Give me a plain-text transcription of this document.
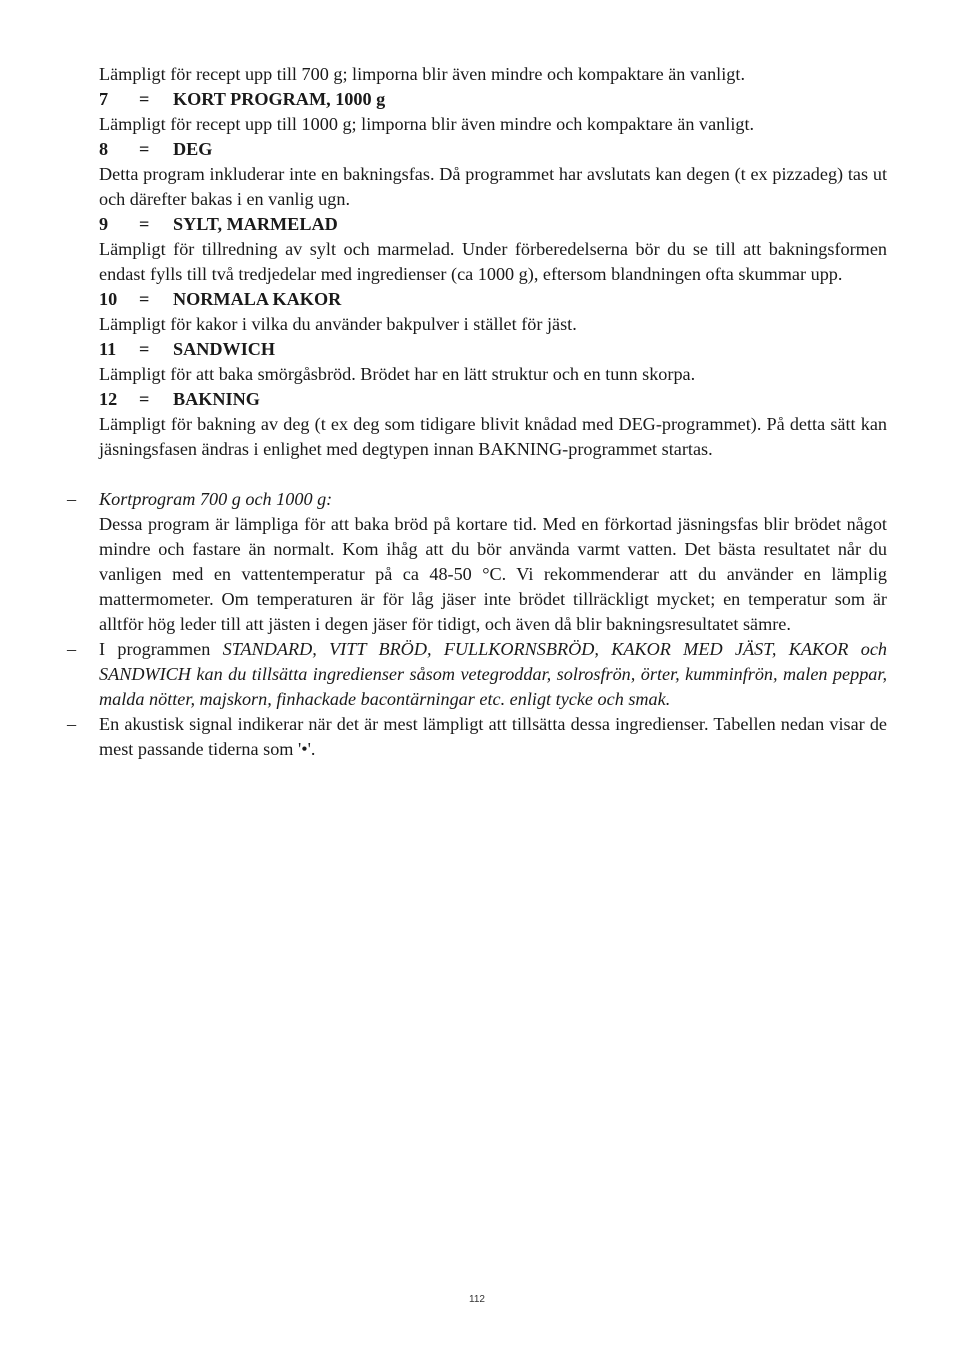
Lämpligt för recept upp till 700 g; limporna blir även mindre och kompaktare än vanligt.

7	=	KORT PROGRAM, 1000 g

Lämpligt för recept upp till 1000 g; limporna blir även mindre och kompaktare än vanligt.

8	=	DEG

Detta program inkluderar inte en bakningsfas. Då programmet har avslutats kan degen (t ex pizzadeg) tas ut och därefter bakas i en vanlig ugn.

9	=	SYLT, MARMELAD

Lämpligt för tillredning av sylt och marmelad. Under förberedelserna bör du se till att bakningsformen endast fylls till två tredjedelar med ingredienser (ca 1000 g), eftersom blandningen ofta skummar upp.

10	=	NORMALA KAKOR

Lämpligt för kakor i vilka du använder bakpulver i stället för jäst.

11	=	SANDWICH

Lämpligt för att baka smörgåsbröd. Brödet har en lätt struktur och en tunn skorpa.

12	=	BAKNING

Lämpligt för bakning av deg (t ex deg som tidigare blivit knådad med DEG-programmet). På detta sätt kan jäsningsfasen ändras i enlighet med degtypen innan BAKNING-programmet startas.

– Kortprogram 700 g och 1000 g:

Dessa program är lämpliga för att baka bröd på kortare tid. Med en förkortad jäsningsfas blir brödet något mindre och fastare än normalt. Kom ihåg att du bör använda varmt vatten. Det bästa resultatet når du vanligen med en vattentemperatur på ca 48-50 °C. Vi rekommenderar att du använder en lämplig mattermometer. Om temperaturen är för låg jäser inte brödet tillräckligt mycket; en temperatur som är alltför hög leder till att jästen i degen jäser för tidigt, och även då blir bakningsresultatet sämre.

– I programmen STANDARD, VITT BRÖD, FULLKORNSBRÖD, KAKOR MED JÄST, KAKOR och SANDWICH kan du tillsätta ingredienser såsom vetegroddar, solrosfrön, örter, kumminfrön, malen peppar, malda nötter, majskorn, finhackade bacontärningar etc. enligt tycke och smak.

– En akustisk signal indikerar när det är mest lämpligt att tillsätta dessa ingredienser. Tabellen nedan visar de mest passande tiderna som '•'.

112
